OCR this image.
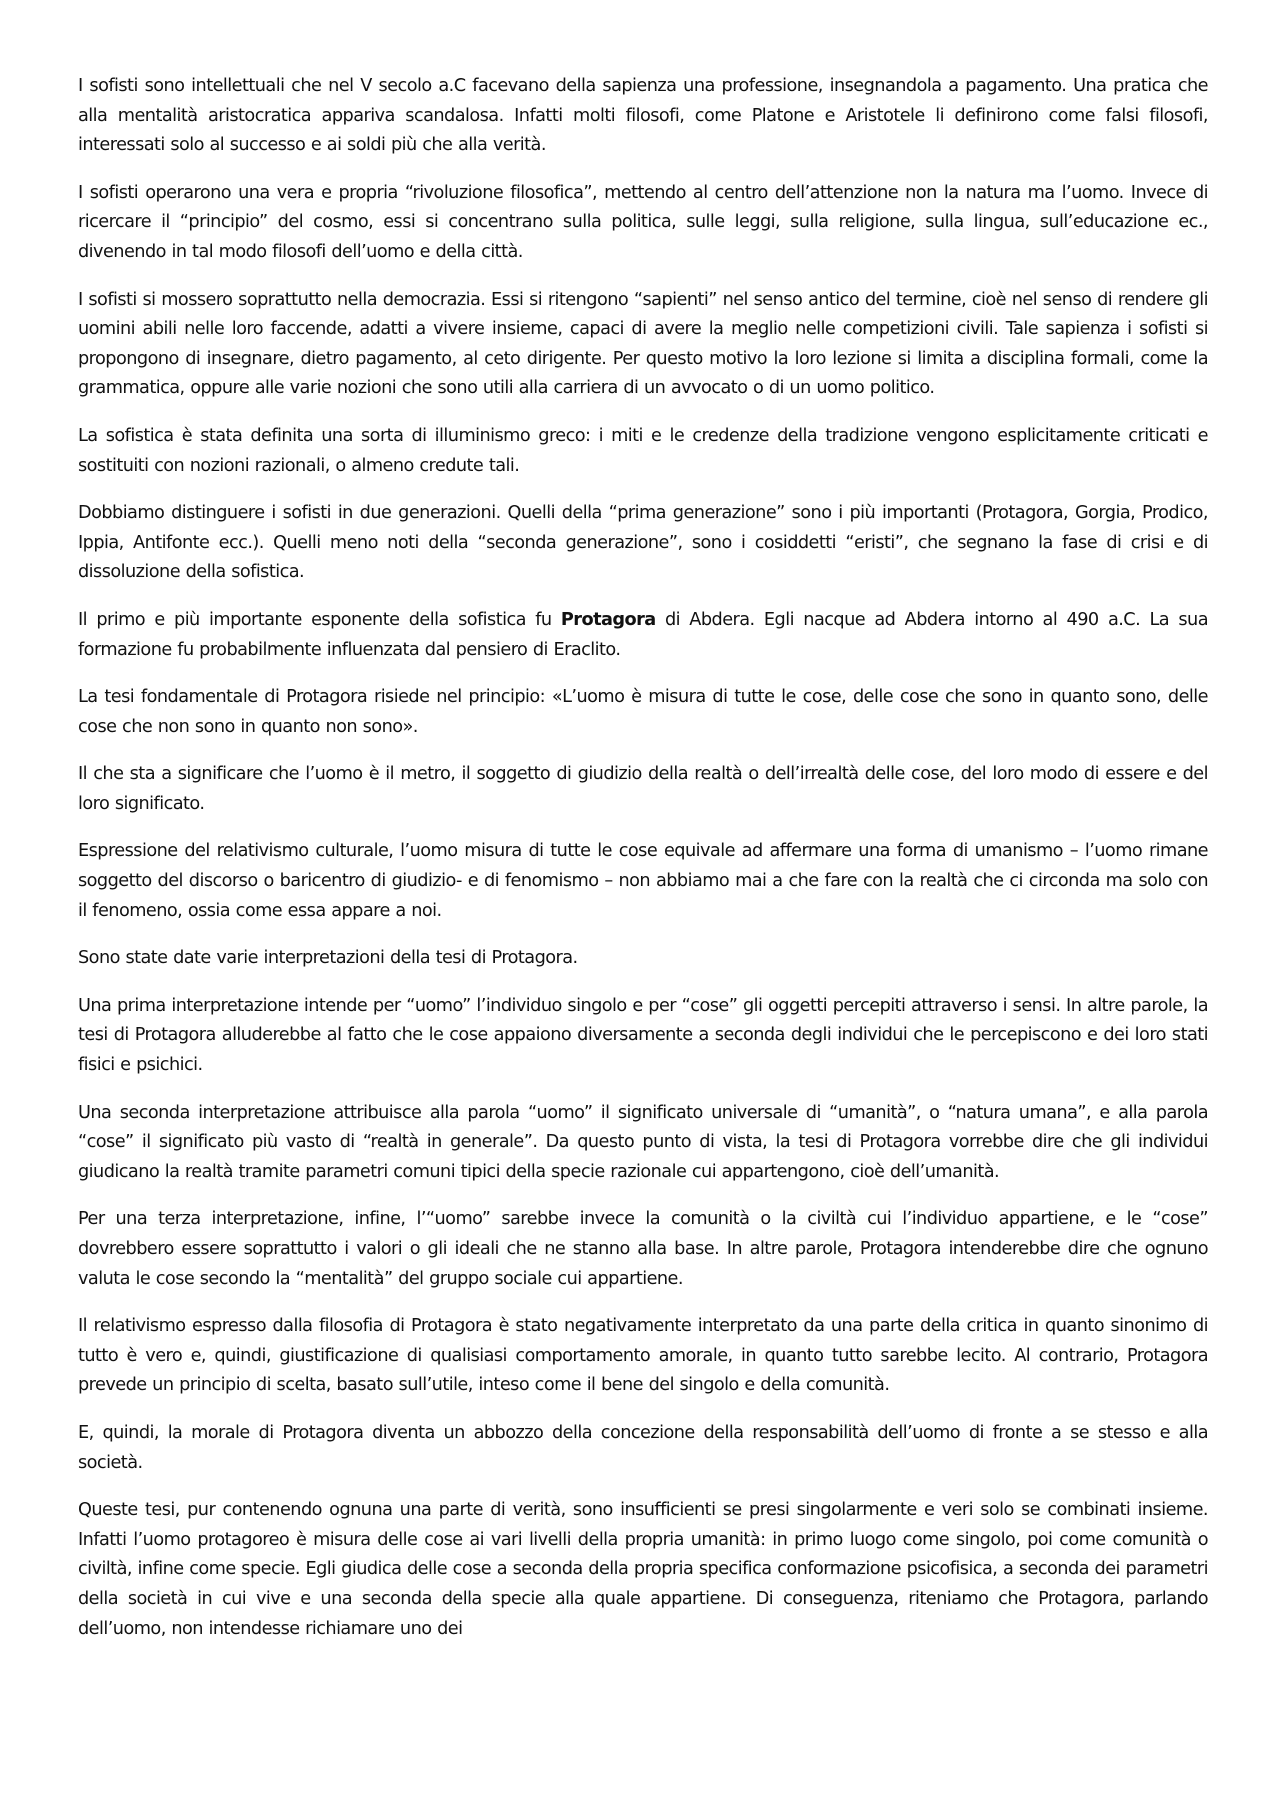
I sofisti sono intellettuali che nel V secolo a.C facevano della sapienza una professione, insegnandola a pagamento. Una pratica che alla mentalità aristocratica appariva scandalosa. Infatti molti filosofi, come Platone e Aristotele li definirono come falsi filosofi, interessati solo al successo e ai soldi più che alla verità.

I sofisti operarono una vera e propria “rivoluzione filosofica”, mettendo al centro dell’attenzione non la natura ma l’uomo. Invece di ricercare il “principio” del cosmo, essi si concentrano sulla politica, sulle leggi, sulla religione, sulla lingua, sull’educazione ec., divenendo in tal modo filosofi dell’uomo e della città.

I sofisti si mossero soprattutto nella democrazia. Essi si ritengono “sapienti” nel senso antico del termine, cioè nel senso di rendere gli uomini abili nelle loro faccende, adatti a vivere insieme, capaci di avere la meglio nelle competizioni civili. Tale sapienza i sofisti si propongono di insegnare, dietro pagamento, al ceto dirigente. Per questo motivo la loro lezione si limita a disciplina formali, come la grammatica, oppure alle varie nozioni che sono utili alla carriera di un avvocato o di un uomo politico.

La sofistica è stata definita una sorta di illuminismo greco: i miti e le credenze della tradizione vengono esplicitamente criticati e sostituiti con nozioni razionali, o almeno credute tali.

Dobbiamo distinguere i sofisti in due generazioni. Quelli della “prima generazione” sono i più importanti (Protagora, Gorgia, Prodico, Ippia, Antifonte ecc.). Quelli meno noti della “seconda generazione”, sono i cosiddetti “eristi”, che segnano la fase di crisi e di dissoluzione della sofistica.

Il primo e più importante esponente della sofistica fu Protagora di Abdera. Egli nacque ad Abdera intorno al 490 a.C. La sua formazione fu probabilmente influenzata dal pensiero di Eraclito.

La tesi fondamentale di Protagora risiede nel principio: «L’uomo è misura di tutte le cose, delle cose che sono in quanto sono, delle cose che non sono in quanto non sono».

Il che sta a significare che l’uomo è il metro, il soggetto di giudizio della realtà o dell’irrealtà delle cose, del loro modo di essere e del loro significato.

Espressione del relativismo culturale, l’uomo misura di tutte le cose equivale ad affermare una forma di umanismo – l’uomo rimane soggetto del discorso o baricentro di giudizio- e di fenomismo – non abbiamo mai a che fare con la realtà che ci circonda ma solo con il fenomeno, ossia come essa appare a noi.

Sono state date varie interpretazioni della tesi di Protagora.

Una prima interpretazione intende per “uomo” l’individuo singolo e per “cose” gli oggetti percepiti attraverso i sensi. In altre parole, la tesi di Protagora alluderebbe al fatto che le cose appaiono diversamente a seconda degli individui che le percepiscono e dei loro stati fisici e psichici.

Una seconda interpretazione attribuisce alla parola “uomo” il significato universale di “umanità”, o “natura umana”, e alla parola “cose” il significato più vasto di “realtà in generale”. Da questo punto di vista, la tesi di Protagora vorrebbe dire che gli individui giudicano la realtà tramite parametri comuni tipici della specie razionale cui appartengono, cioè dell’umanità.

Per una terza interpretazione, infine, l’“uomo” sarebbe invece la comunità o la civiltà cui l’individuo appartiene, e le “cose” dovrebbero essere soprattutto i valori o gli ideali che ne stanno alla base. In altre parole, Protagora intenderebbe dire che ognuno valuta le cose secondo la “mentalità” del gruppo sociale cui appartiene.

Il relativismo espresso dalla filosofia di Protagora è stato negativamente interpretato da una parte della critica in quanto sinonimo di tutto è vero e, quindi, giustificazione di qualisiasi comportamento amorale, in quanto tutto sarebbe lecito. Al contrario, Protagora prevede un principio di scelta, basato sull’utile, inteso come il bene del singolo e della comunità.

E, quindi, la morale di Protagora diventa un abbozzo della concezione della responsabilità dell’uomo di fronte a se stesso e alla società.

Queste tesi, pur contenendo ognuna una parte di verità, sono insufficienti se presi singolarmente e veri solo se combinati insieme. Infatti l’uomo protagoreo è misura delle cose ai vari livelli della propria umanità: in primo luogo come singolo, poi come comunità o civiltà, infine come specie. Egli giudica delle cose a seconda della propria specifica conformazione psicofisica, a seconda dei parametri della società in cui vive e una seconda della specie alla quale appartiene. Di conseguenza, riteniamo che Protagora, parlando dell’uomo, non intendesse richiamare uno dei
